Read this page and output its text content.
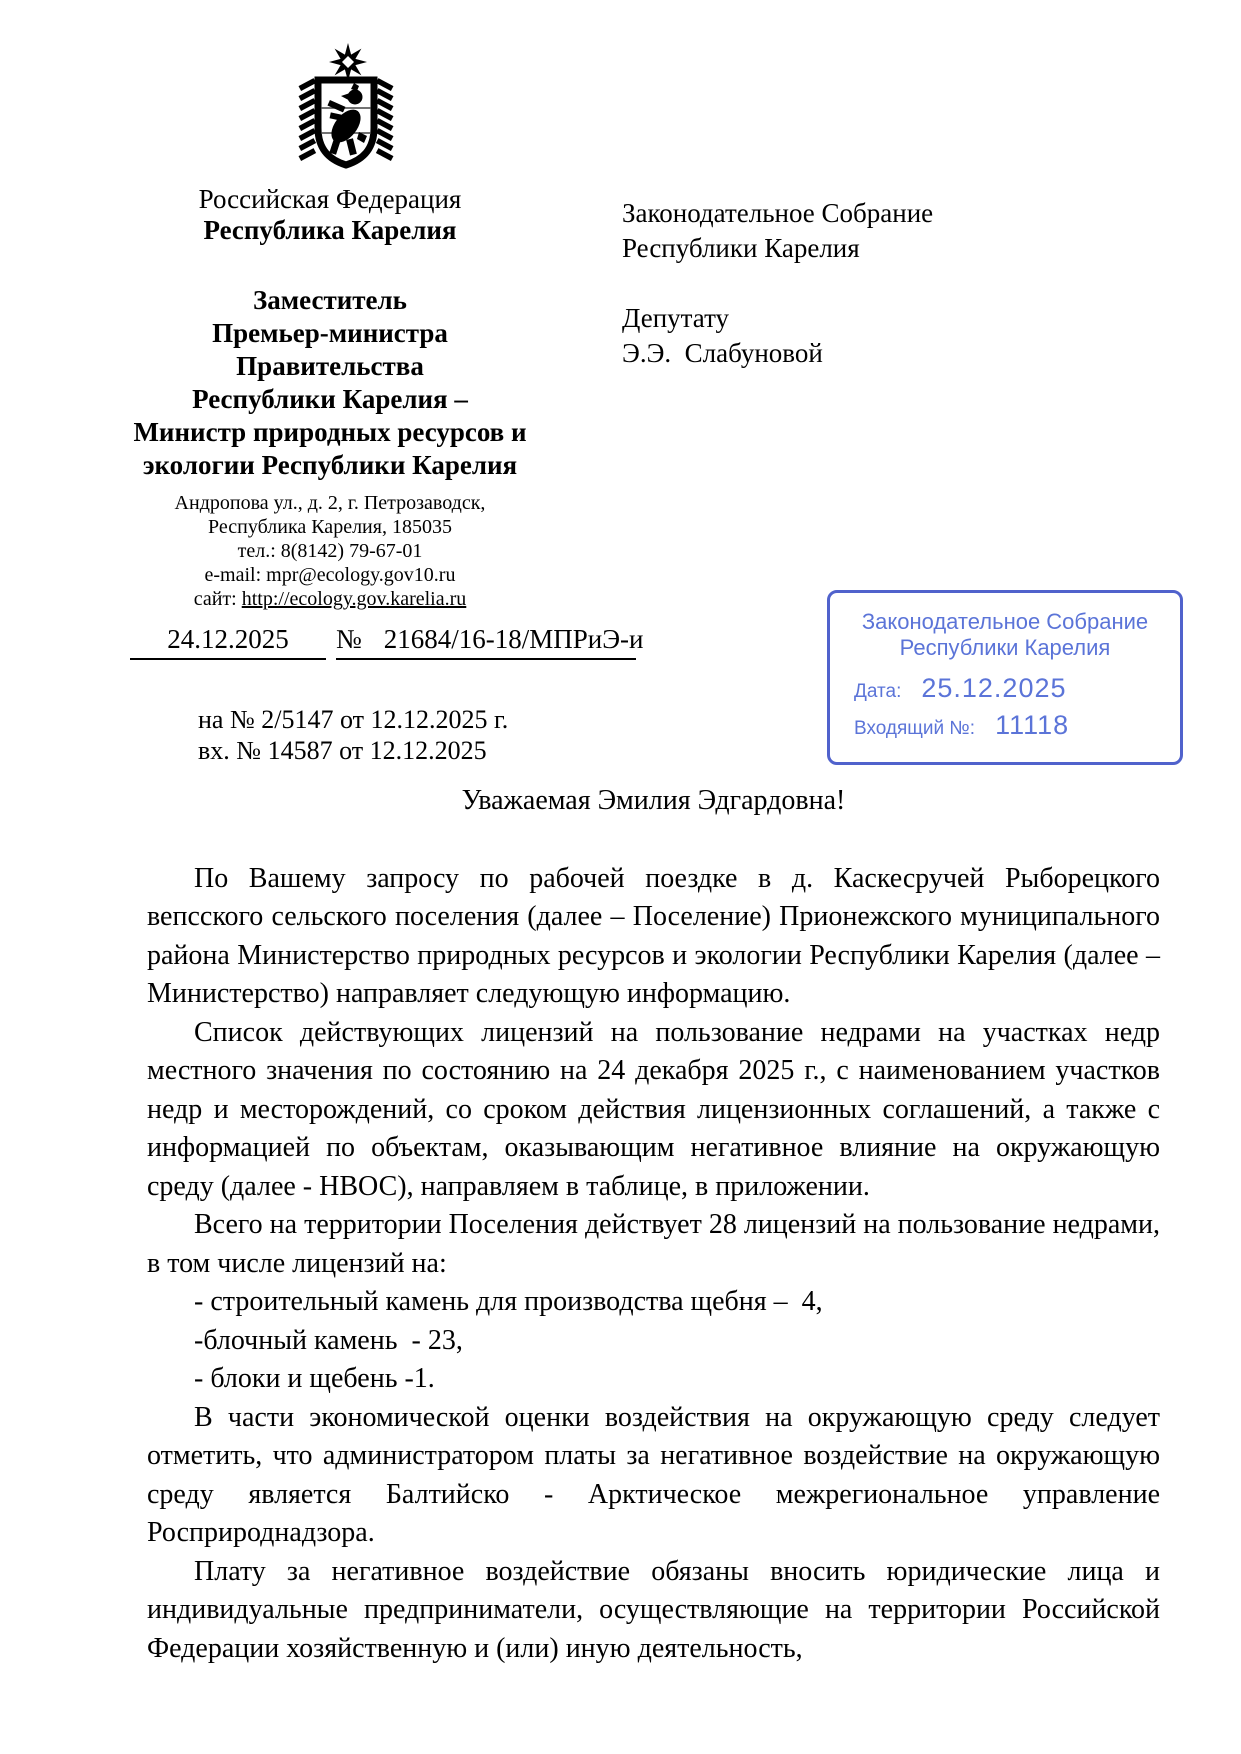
Российская Федерация
Республика Карелия
Заместитель
Премьер-министра
Правительства
Республики Карелия –
Министр природных ресурсов и
экологии Республики Карелия
Андропова ул., д. 2, г. Петрозаводск,
Республика Карелия, 185035
тел.: 8(8142) 79-67-01
e-mail: mpr@ecology.gov10.ru
сайт: http://ecology.gov.karelia.ru
Законодательное Собрание
Республики Карелия
Депутату
Э.Э.  Слабуновой
24.12.2025 № 21684/16-18/МПРиЭ-и
на № 2/5147 от 12.12.2025 г.
вх. № 14587 от 12.12.2025
Законодательное Собрание
Республики Карелия
Дата: 25.12.2025
Входящий №: 11118
Уважаемая Эмилия Эдгардовна!

По Вашему запросу по рабочей поездке в д. Каскесручей Рыборецкого вепсского сельского поселения (далее – Поселение) Прионежского муниципального района Министерство природных ресурсов и экологии Республики Карелия (далее – Министерство) направляет следующую информацию.

Список действующих лицензий на пользование недрами на участках недр местного значения по состоянию на 24 декабря 2025 г., с наименованием участков недр и месторождений, со сроком действия лицензионных соглашений, а также с информацией по объектам, оказывающим негативное влияние на окружающую среду (далее - НВОС), направляем в таблице, в приложении.

Всего на территории Поселения действует 28 лицензий на пользование недрами, в том числе лицензий на:

- строительный камень для производства щебня –  4,
-блочный камень  - 23,
- блоки и щебень -1.

В части экономической оценки воздействия на окружающую среду следует отметить, что администратором платы за негативное воздействие на окружающую среду является Балтийско - Арктическое межрегиональное управление Росприроднадзора.

Плату за негативное воздействие обязаны вносить юридические лица и индивидуальные предприниматели, осуществляющие на территории Российской Федерации хозяйственную и (или) иную деятельность,
